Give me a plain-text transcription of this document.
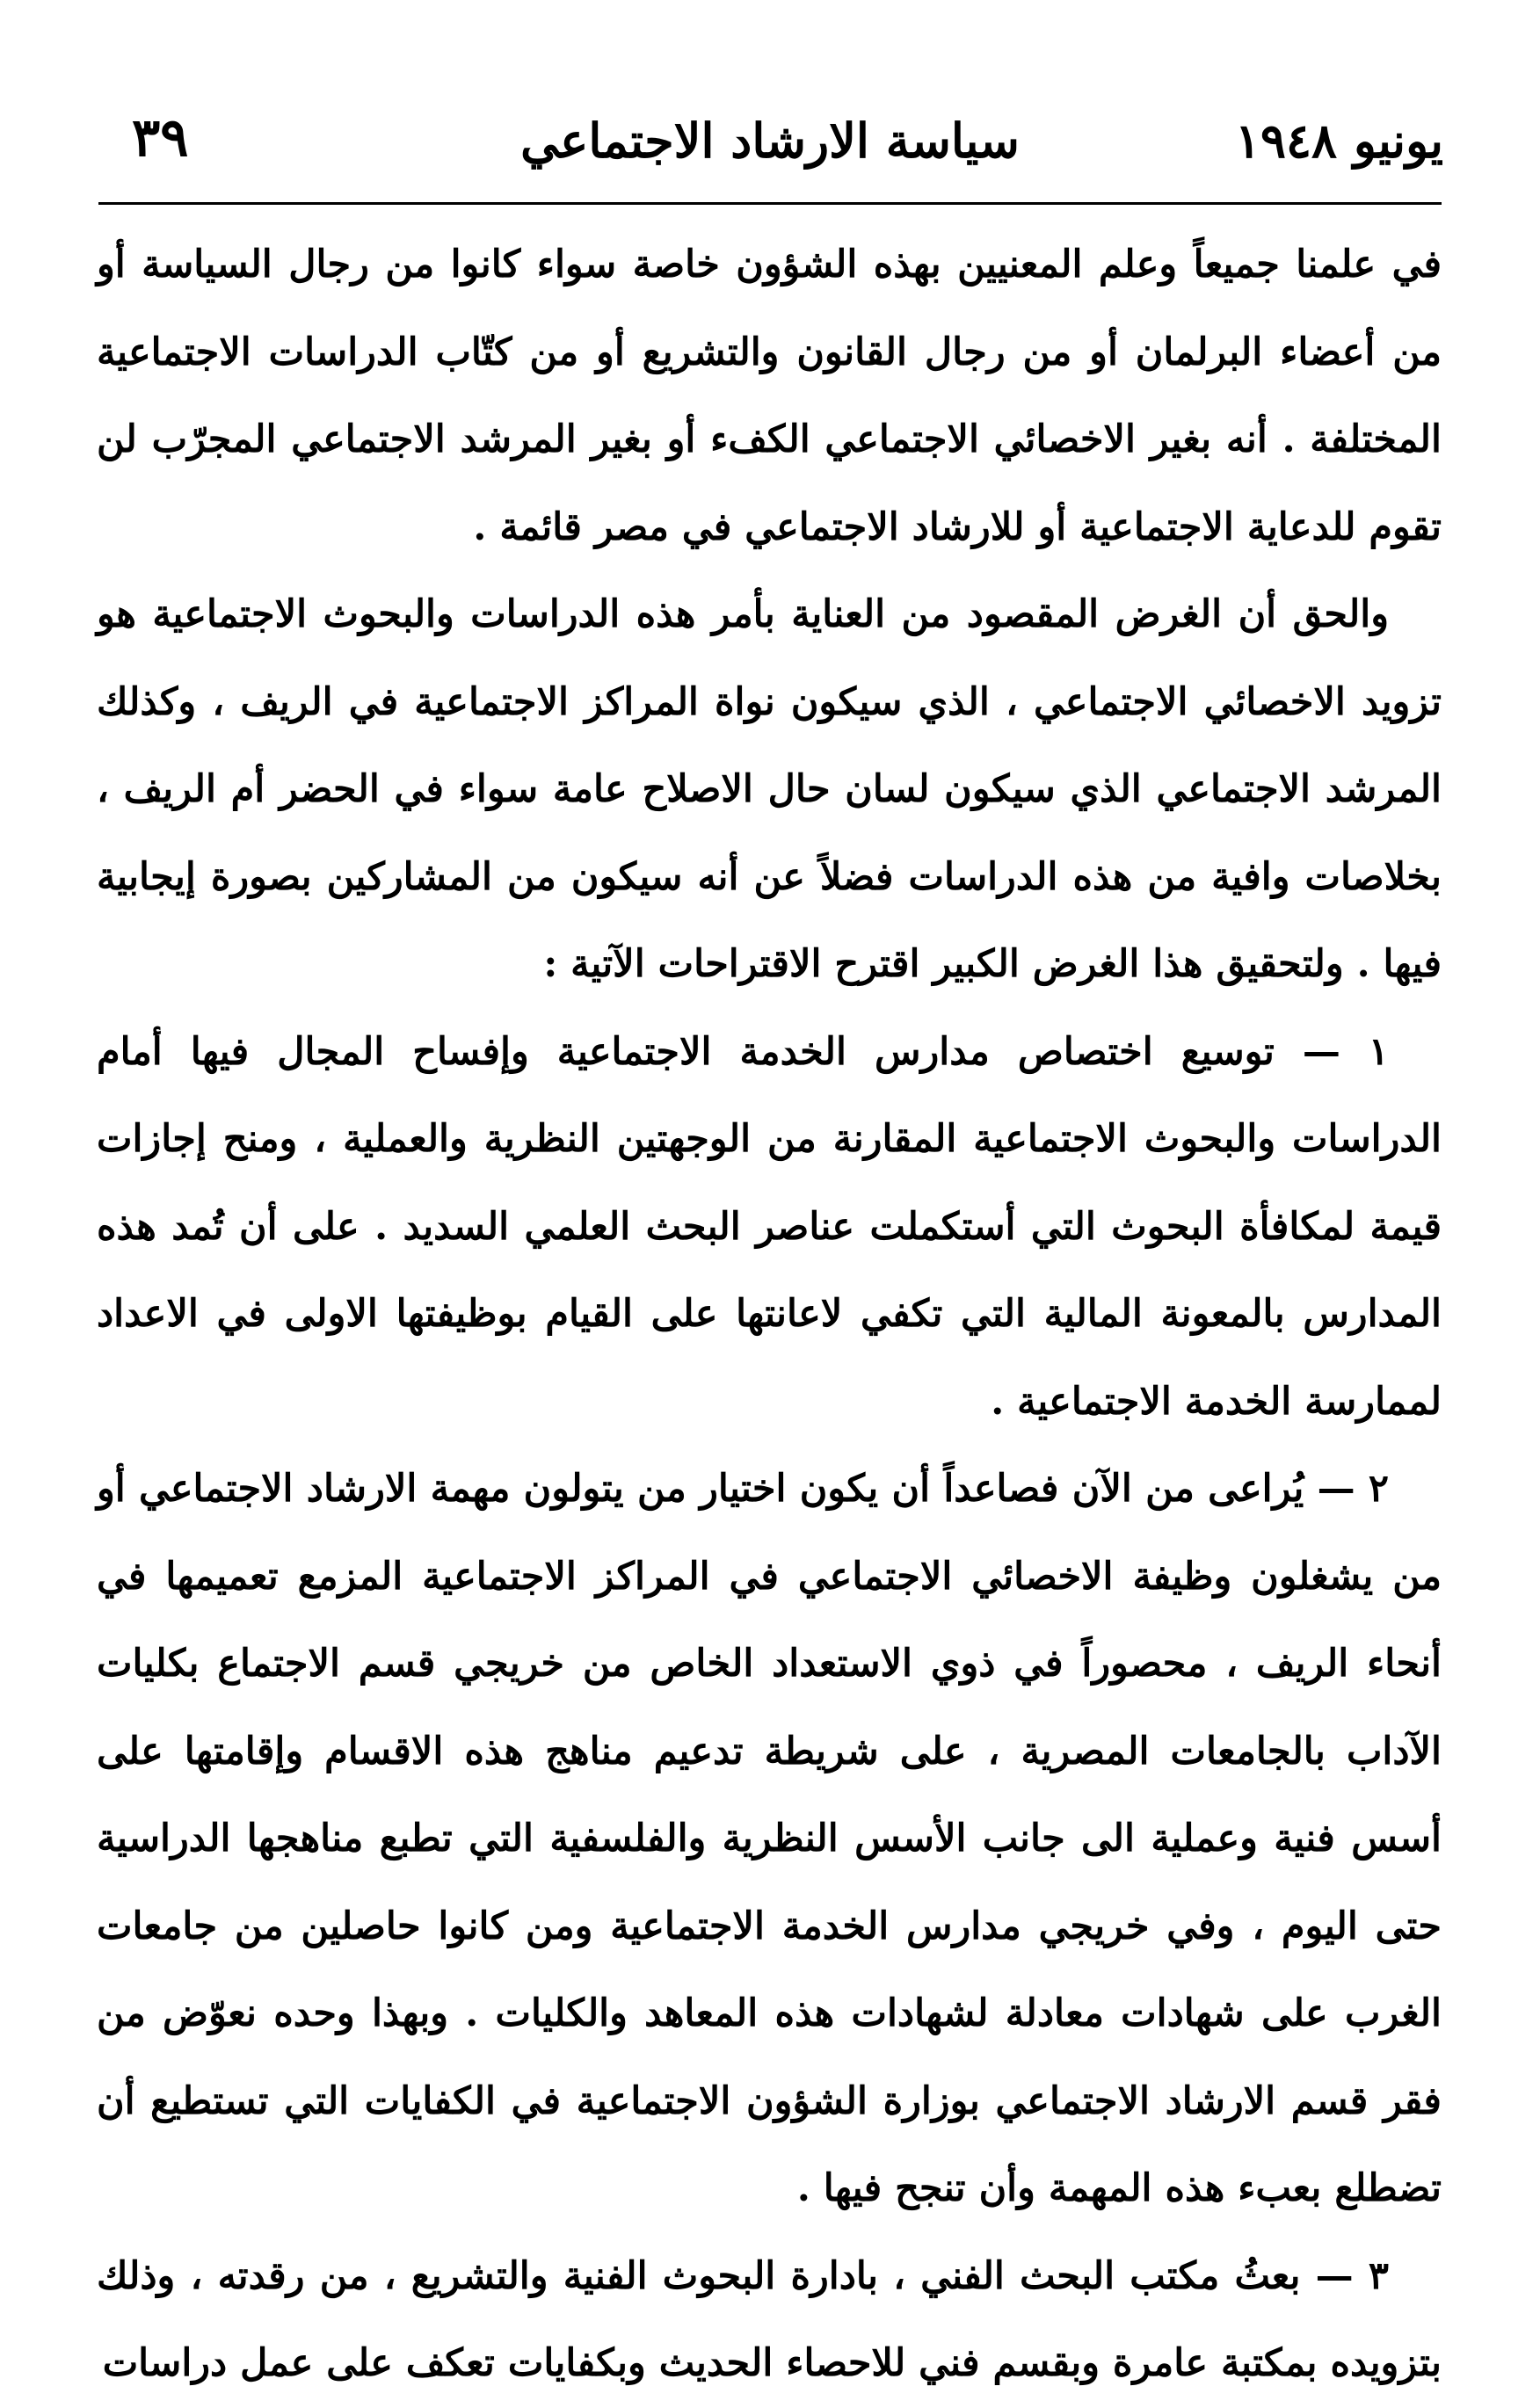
يونيو ١٩٤٨
سياسة الارشاد الاجتماعي
٣٩

في علمنا جميعاً وعلم المعنيين بهذه الشؤون خاصة سواء كانوا من رجال السياسة أو من أعضاء البرلمان أو من رجال القانون والتشريع أو من كتّاب الدراسات الاجتماعية المختلفة . أنه بغير الاخصائي الاجتماعي الكفء أو بغير المرشد الاجتماعي المجرّب لن تقوم للدعاية الاجتماعية أو للارشاد الاجتماعي في مصر قائمة .

والحق أن الغرض المقصود من العناية بأمر هذه الدراسات والبحوث الاجتماعية هو تزويد الاخصائي الاجتماعي ، الذي سيكون نواة المراكز الاجتماعية في الريف ، وكذلك المرشد الاجتماعي الذي سيكون لسان حال الاصلاح عامة سواء في الحضر أم الريف ، بخلاصات وافية من هذه الدراسات فضلاً عن أنه سيكون من المشاركين بصورة إيجابية فيها . ولتحقيق هذا الغرض الكبير اقترح الاقتراحات الآتية :

١ — توسيع اختصاص مدارس الخدمة الاجتماعية وإفساح المجال فيها أمام الدراسات والبحوث الاجتماعية المقارنة من الوجهتين النظرية والعملية ، ومنح إجازات قيمة لمكافأة البحوث التي أستكملت عناصر البحث العلمي السديد . على أن تُمد هذه المدارس بالمعونة المالية التي تكفي لاعانتها على القيام بوظيفتها الاولى في الاعداد لممارسة الخدمة الاجتماعية .

٢ — يُراعى من الآن فصاعداً أن يكون اختيار من يتولون مهمة الارشاد الاجتماعي أو من يشغلون وظيفة الاخصائي الاجتماعي في المراكز الاجتماعية المزمع تعميمها في أنحاء الريف ، محصوراً في ذوي الاستعداد الخاص من خريجي قسم الاجتماع بكليات الآداب بالجامعات المصرية ، على شريطة تدعيم مناهج هذه الاقسام وإقامتها على أسس فنية وعملية الى جانب الأسس النظرية والفلسفية التي تطبع مناهجها الدراسية حتى اليوم ، وفي خريجي مدارس الخدمة الاجتماعية ومن كانوا حاصلين من جامعات الغرب على شهادات معادلة لشهادات هذه المعاهد والكليات . وبهذا وحده نعوّض من فقر قسم الارشاد الاجتماعي بوزارة الشؤون الاجتماعية في الكفايات التي تستطيع أن تضطلع بعبء هذه المهمة وأن تنجح فيها .

٣ — بعثُ مكتب البحث الفني ، بادارة البحوث الفنية والتشريع ، من رقدته ، وذلك بتزويده بمكتبة عامرة وبقسم فني للاحصاء الحديث وبكفايات تعكف على عمل دراسات
